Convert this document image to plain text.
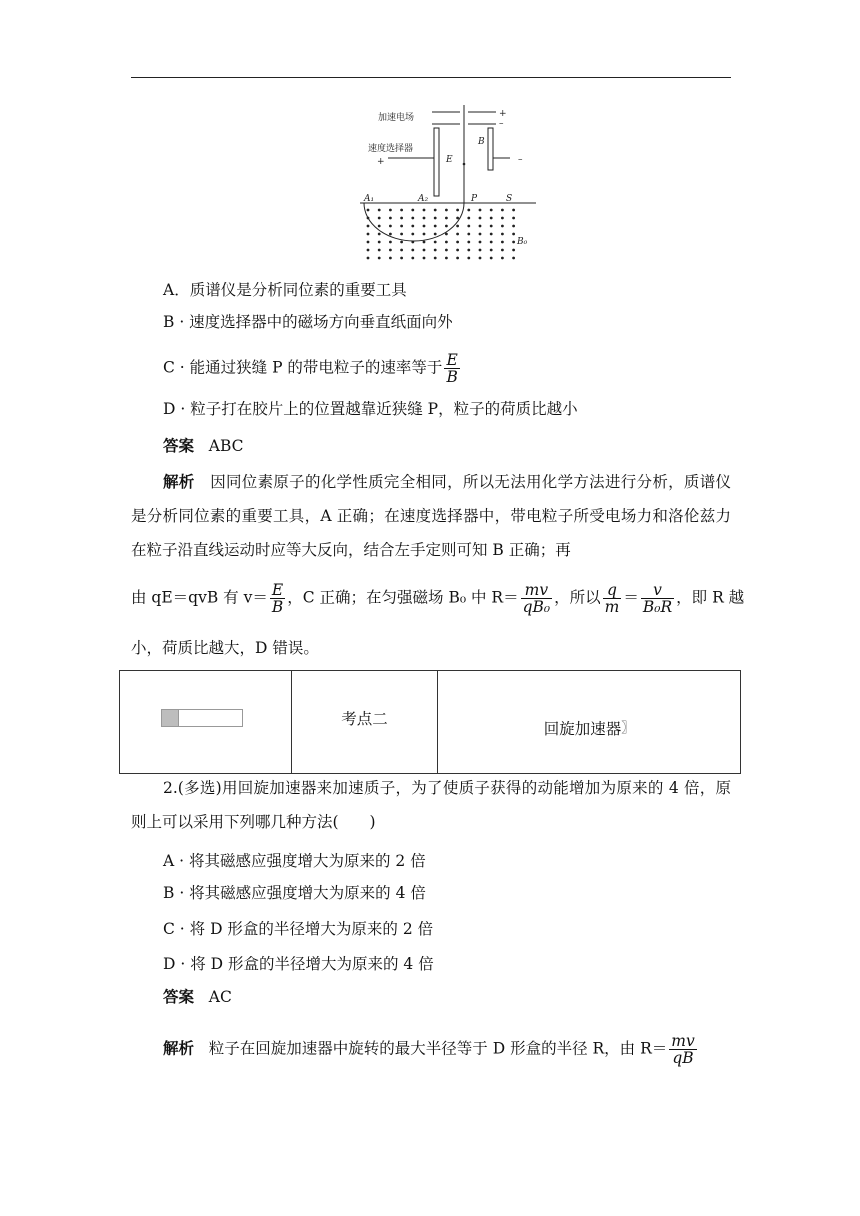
加速电场
速度选择器
E
B
A₁	A₂	P	S
B₀
+
–
+	–
A．质谱仪是分析同位素的重要工具
B · 速度选择器中的磁场方向垂直纸面向外
C · 能通过狭缝 P 的带电粒子的速率等于 $\frac{E}{B}$
D · 粒子打在胶片上的位置越靠近狭缝 P，粒子的荷质比越小
答案 ABC
解析 因同位素原子的化学性质完全相同，所以无法用化学方法进行分析，质谱仪是分析同位素的重要工具，A 正确；在速度选择器中，带电粒子所受电场力和洛伦兹力在粒子沿直线运动时应等大反向，结合左手定则可知 B 正确；再
由 qE＝qvB 有 $v= \frac{E}{B}$ ，C 正确；在匀强磁场 B₀ 中 $R= \frac{mv}{\text{qB₀}}$ ，所以 $\frac{q}{m} = \frac{v}{\text{B₀R}}$ ，即 R 越
小，荷质比越大，D 错误。
考点二
回旋加速器〗
2.(多选)用回旋加速器来加速质子，为了使质子获得的动能增加为原来的 4 倍，原则上可以采用下列哪几种方法(　　)
A · 将其磁感应强度增大为原来的 2 倍
B · 将其磁感应强度增大为原来的 4 倍
C · 将 D 形盒的半径增大为原来的 2 倍
D · 将 D 形盒的半径增大为原来的 4 倍
答案 AC
解析 粒子在回旋加速器中旋转的最大半径等于 D 形盒的半径 R，由 $R= \frac{mv}{qB}$
